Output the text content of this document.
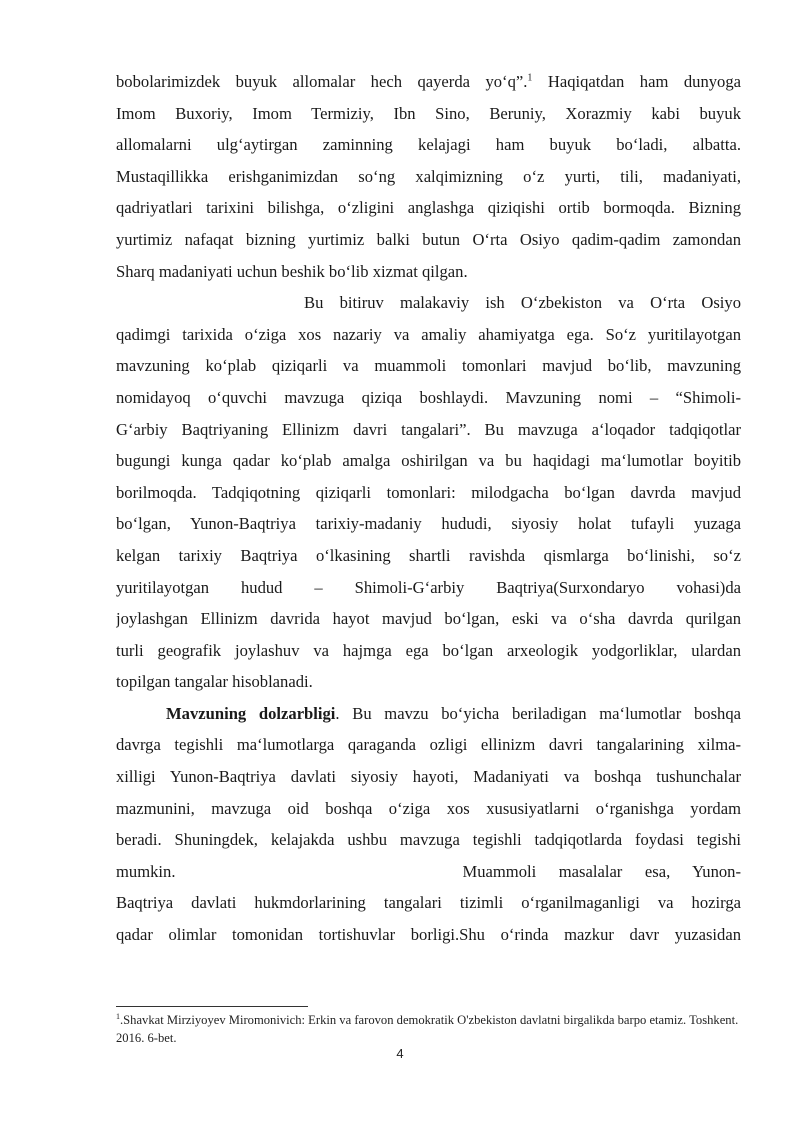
bobolarimizdek buyuk allomalar hech qayerda yo‘q”.$^1$ Haqiqatdan ham dunyoga
Imom Buxoriy, Imom Termiziy, Ibn Sino, Beruniy, Xorazmiy kabi buyuk
allomalarni ulg‘aytirgan zaminning kelajagi ham buyuk bo‘ladi, albatta.
Mustaqillikka erishganimizdan so‘ng xalqimizning o‘z yurti, tili, madaniyati,
qadriyatlari tarixini bilishga, o‘zligini anglashga qiziqishi ortib bormoqda. Bizning
yurtimiz nafaqat bizning yurtimiz balki butun O‘rta Osiyo qadim-qadim zamondan
Sharq madaniyati uchun beshik bo‘lib xizmat qilgan.
Bu bitiruv malakaviy ish O‘zbekiston va O‘rta Osiyo
qadimgi tarixida o‘ziga xos nazariy va amaliy ahamiyatga ega. So‘z yuritilayotgan
mavzuning ko‘plab qiziqarli va muammoli tomonlari mavjud bo‘lib, mavzuning
nomidayoq o‘quvchi mavzuga qiziqa boshlaydi. Mavzuning nomi – “Shimoli-
G‘arbiy Baqtriyaning Ellinizm davri tangalari”. Bu mavzuga a‘loqador tadqiqotlar
bugungi kunga qadar ko‘plab amalga oshirilgan va bu haqidagi ma‘lumotlar boyitib
borilmoqda. Tadqiqotning qiziqarli tomonlari: milodgacha bo‘lgan davrda mavjud
bo‘lgan, Yunon-Baqtriya tarixiy-madaniy hududi, siyosiy holat tufayli yuzaga
kelgan tarixiy Baqtriya o‘lkasining shartli ravishda qismlarga bo‘linishi, so‘z
yuritilayotgan hudud – Shimoli-G‘arbiy Baqtriya(Surxondaryo vohasi)da
joylashgan Ellinizm davrida hayot mavjud bo‘lgan, eski va o‘sha davrda qurilgan
turli geografik joylashuv va hajmga ega bo‘lgan arxeologik yodgorliklar, ulardan
topilgan tangalar hisoblanadi.
Mavzuning dolzarbligi. Bu mavzu bo‘yicha beriladigan ma‘lumotlar boshqa
davrga tegishli ma‘lumotlarga qaraganda ozligi ellinizm davri tangalarining xilma-
xilligi Yunon-Baqtriya davlati siyosiy hayoti, Madaniyati va boshqa tushunchalar
mazmunini, mavzuga oid boshqa o‘ziga xos xususiyatlarni o‘rganishga yordam
beradi. Shuningdek, kelajakda ushbu mavzuga tegishli tadqiqotlarda foydasi tegishi
mumkin.	Muammoli masalalar esa, Yunon-
Baqtriya davlati hukmdorlarining tangalari tizimli o‘rganilmaganligi va hozirga
qadar olimlar tomonidan tortishuvlar borligi.Shu o‘rinda mazkur davr yuzasidan
$^1$.Shavkat Mirziyoyev Miromonivich: Erkin va farovon demokratik O'zbekiston davlatni birgalikda barpo etamiz. Toshkent. 2016. 6-bet.
4
